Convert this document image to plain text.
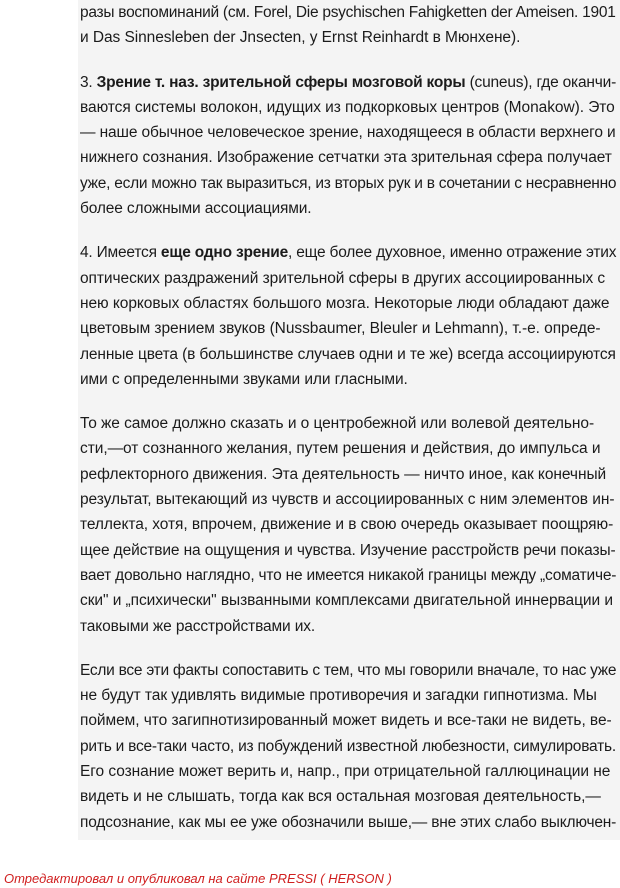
разы воспоминаний (см. Forel, Die psychischen Fahigketten der Ameisen. 1901
и Das Sinnesleben der Jnsecten, у Ernst Reinhardt в Мюнхене).
3. Зрение т. наз. зрительной сферы мозговой коры (cuneus), где оканчи-
ваются системы волокон, идущих из подкорковых центров (Monakow). Это
— наше обычное человеческое зрение, находящееся в области верхнего и
нижнего сознания. Изображение сетчатки эта зрительная сфера получает
уже, если можно так выразиться, из вторых рук и в сочетании с несравненно
более сложными ассоциациями.
4. Имеется еще одно зрение, еще более духовное, именно отражение этих
оптических раздражений зрительной сферы в других ассоциированных с
нею корковых областях большого мозга. Некоторые люди обладают даже
цветовым зрением звуков (Nussbaumer, Bleuler и Lehmann), т.-е. опреде-
ленные цвета (в большинстве случаев одни и те же) всегда ассоциируются
ими с определенными звуками или гласными.
То же самое должно сказать и о центробежной или волевой деятельно-
сти,—от сознанного желания, путем решения и действия, до импульса и
рефлекторного движения. Эта деятельность — ничто иное, как конечный
результат, вытекающий из чувств и ассоциированных с ним элементов ин-
теллекта, хотя, впрочем, движение и в свою очередь оказывает поощряю-
щее действие на ощущения и чувства. Изучение расстройств речи показы-
вает довольно наглядно, что не имеется никакой границы между „соматиче-
ски" и „психически" вызванными комплексами двигательной иннервации и
таковыми же расстройствами их.
Если все эти факты сопоставить с тем, что мы говорили вначале, то нас уже
не будут так удивлять видимые противоречия и загадки гипнотизма. Мы
поймем, что загипнотизированный может видеть и все-таки не видеть, ве-
рить и все-таки часто, из побуждений известной любезности, симулировать.
Его сознание может верить и, напр., при отрицательной галлюцинации не
видеть и не слышать, тогда как вся остальная мозговая деятельность,—
подсознание, как мы ее уже обозначили выше,— вне этих слабо выключен-
Отредактировал и опубликовал на сайте PRESSI ( HERSON )
